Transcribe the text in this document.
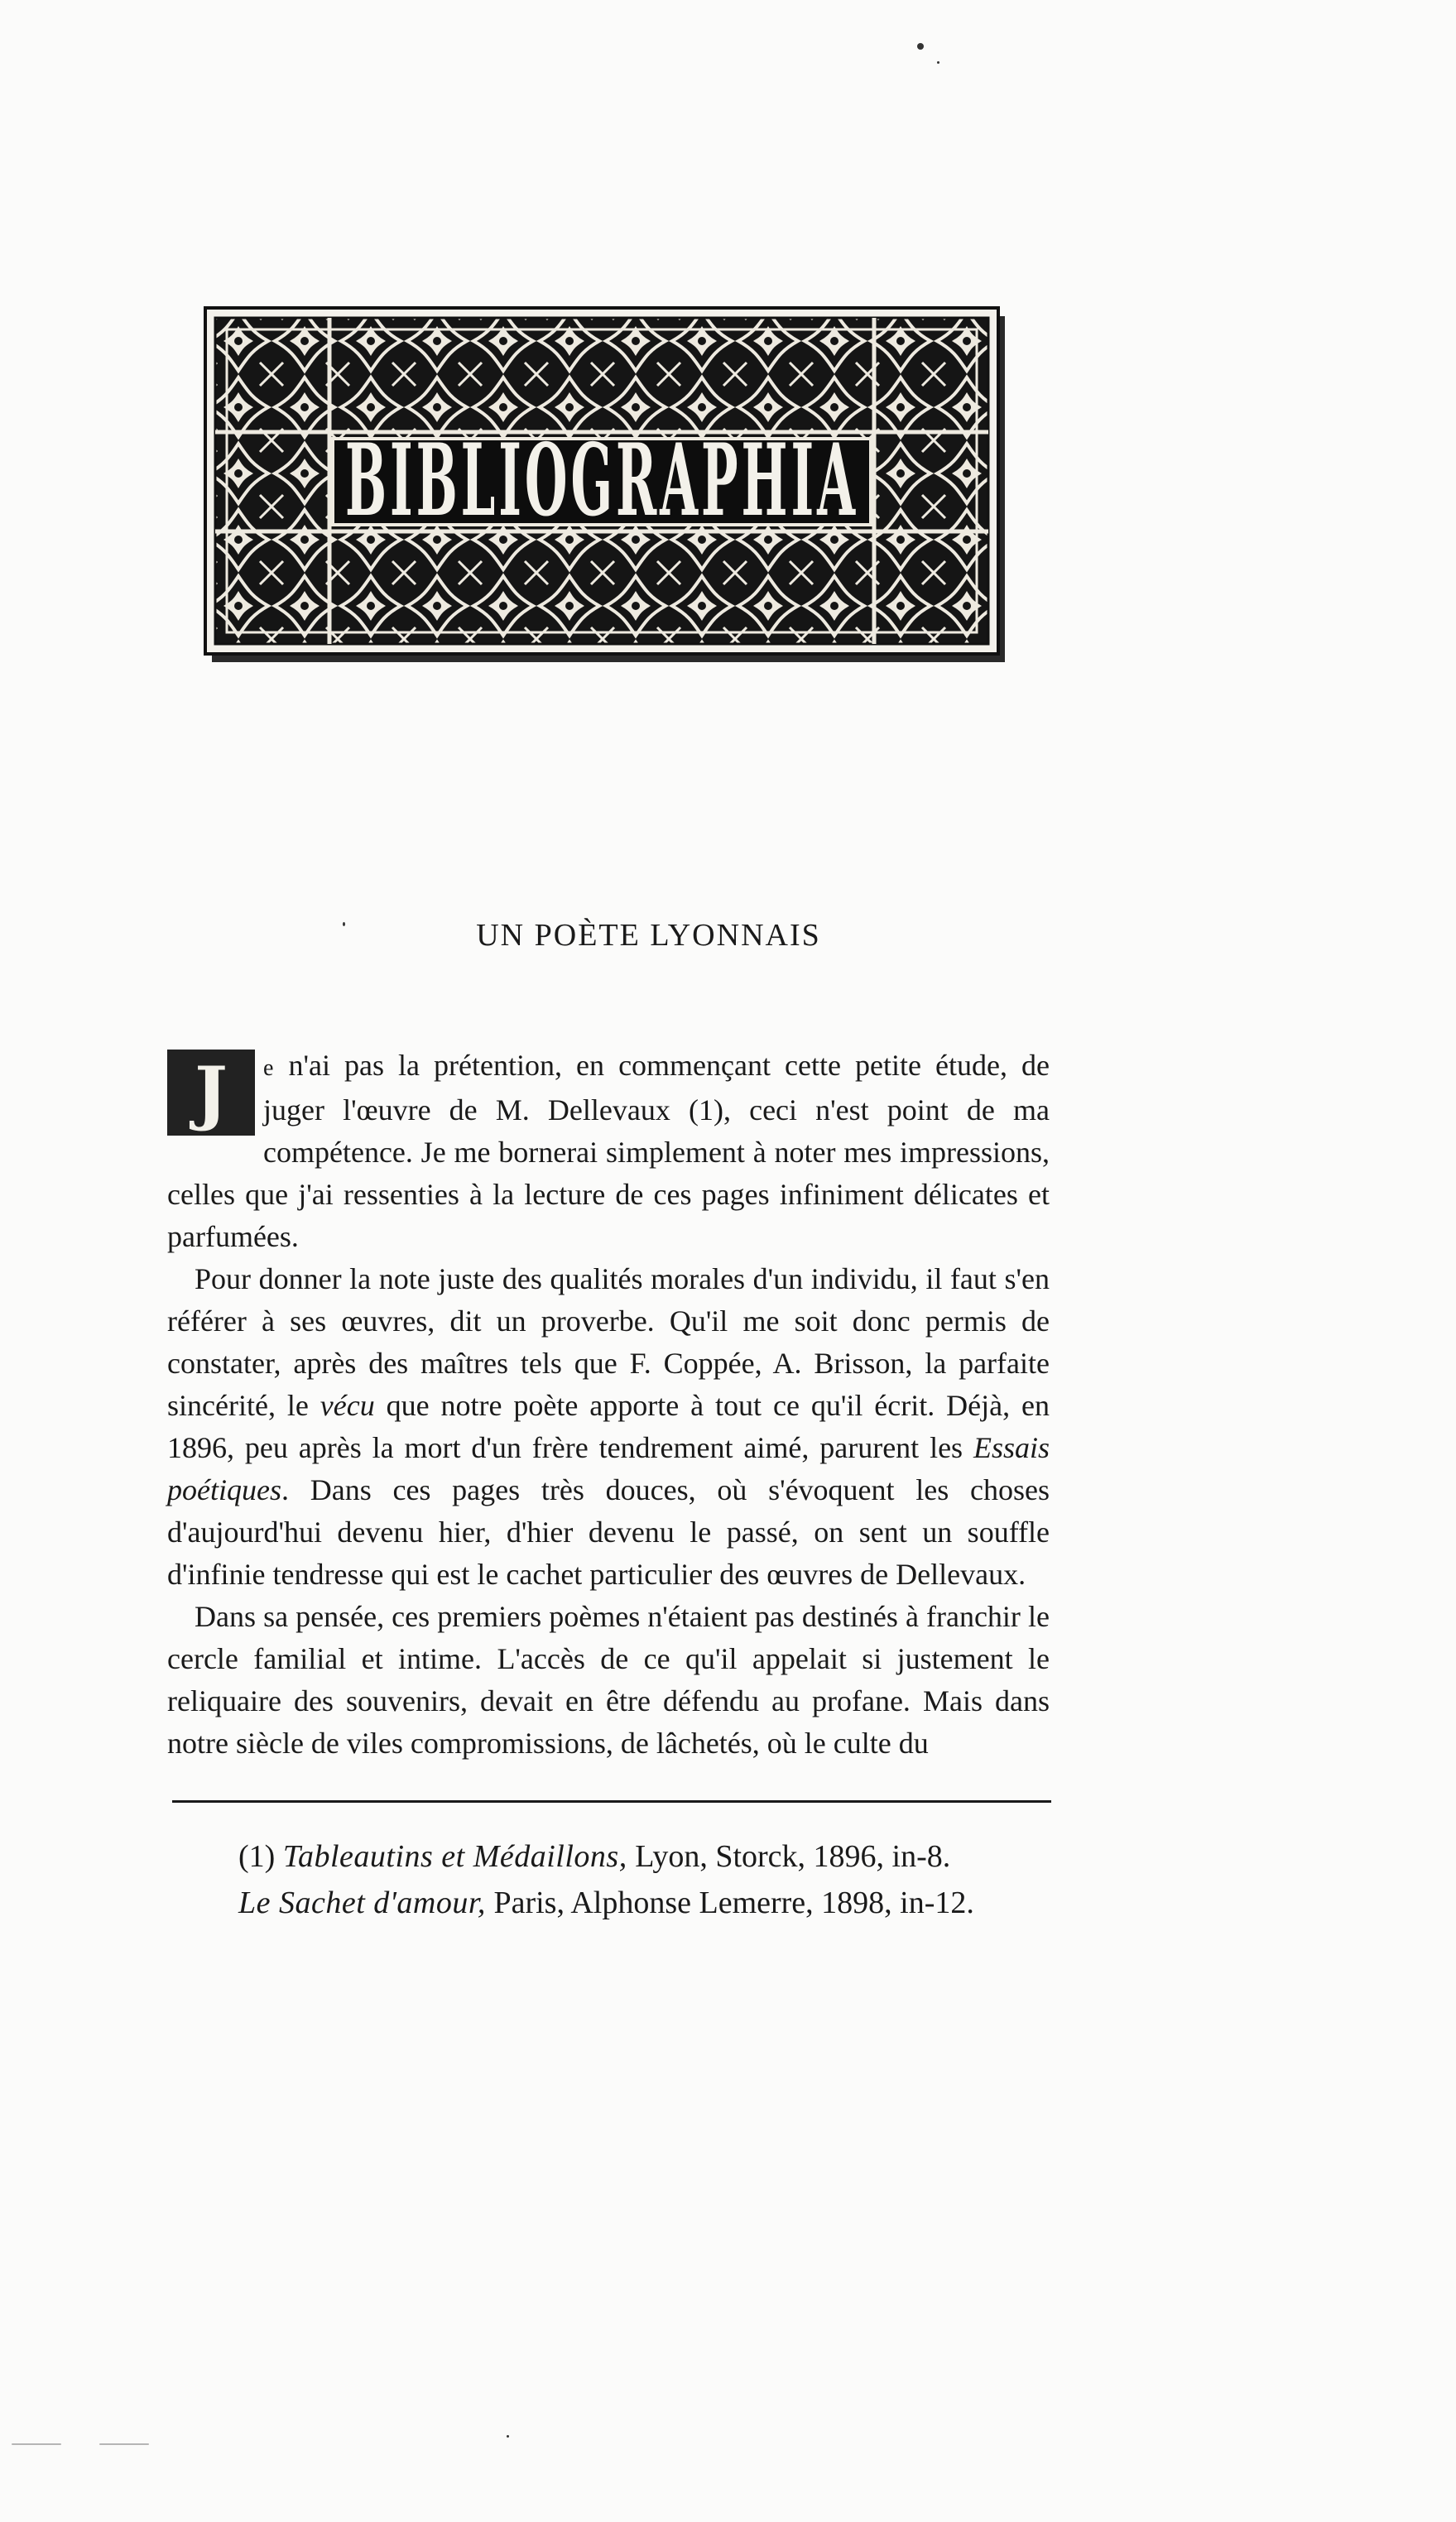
BIBLIOGRAPHIA
UN POÈTE LYONNAIS

J	e n'ai pas la prétention, en commençant cette petite étude, de juger l'œuvre de M. Dellevaux (1), ceci n'est point de ma compétence. Je me bornerai simplement à noter mes impressions, celles que j'ai ressenties à la lecture de ces pages infiniment délicates et parfumées.

Pour donner la note juste des qualités morales d'un individu, il faut s'en référer à ses œuvres, dit un proverbe. Qu'il me soit donc permis de constater, après des maîtres tels que F. Coppée, A. Brisson, la parfaite sincérité, le vécu que notre poète apporte à tout ce qu'il écrit. Déjà, en 1896, peu après la mort d'un frère tendrement aimé, parurent les Essais poétiques. Dans ces pages très douces, où s'évoquent les choses d'aujourd'hui devenu hier, d'hier devenu le passé, on sent un souffle d'infinie tendresse qui est le cachet particulier des œuvres de Dellevaux.

Dans sa pensée, ces premiers poèmes n'étaient pas destinés à franchir le cercle familial et intime. L'accès de ce qu'il appelait si justement le reliquaire des souvenirs, devait en être défendu au profane. Mais dans notre siècle de viles compromissions, de lâchetés, où le culte du

(1) Tableautins et Médaillons, Lyon, Storck, 1896, in-8.
Le Sachet d'amour, Paris, Alphonse Lemerre, 1898, in-12.
